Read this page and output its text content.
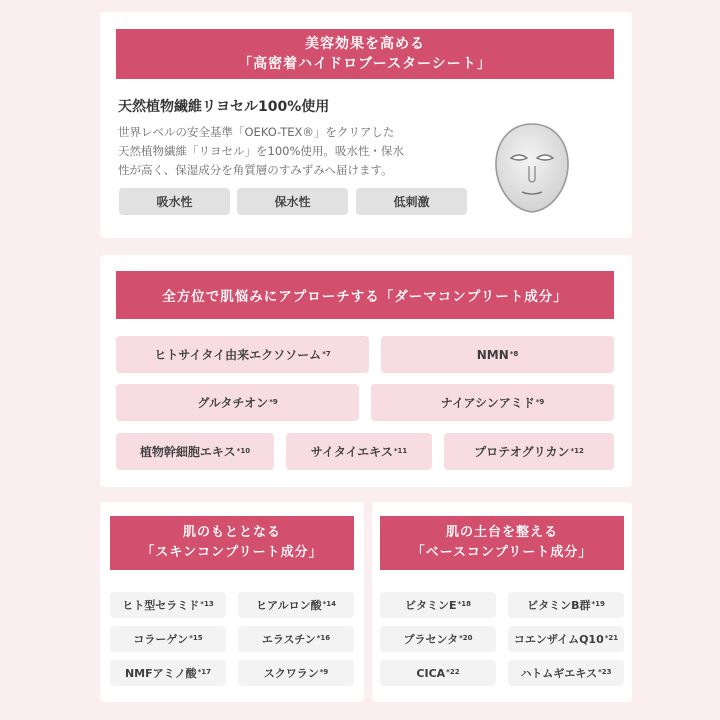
美容効果を高める
「高密着ハイドロブースターシート」
天然植物繊維リヨセル100%使用
世界レベルの安全基準「OEKO-TEX®」をクリアした
天然植物繊維「リヨセル」を100%使用。吸水性・保水
性が高く、保湿成分を角質層のすみずみへ届けます。
吸水性	保水性	低刺激
全方位で肌悩みにアプローチする「ダーマコンプリート成分」
ヒトサイタイ由来エクソソーム$^{*7}$	NMN$^{*8}$
グルタチオン$^{*9}$	ナイアシンアミド$^{*9}$
植物幹細胞エキス$^{*10}$	サイタイエキス$^{*11}$	プロテオグリカン$^{*12}$
肌のもととなる
「スキンコンプリート成分」
ヒト型セラミド$^{*13}$	ヒアルロン酸$^{*14}$
コラーゲン$^{*15}$	エラスチン$^{*16}$
NMFアミノ酸$^{*17}$	スクワラン$^{*9}$
肌の土台を整える
「ベースコンプリート成分」
ビタミン$E^{*18}$	ビタミンB群$^{*19}$
プラセンタ$^{*20}$	コエンザイムQ10$^{*21}$
CICA$^{*22}$	ハトムギエキス$^{*23}$
